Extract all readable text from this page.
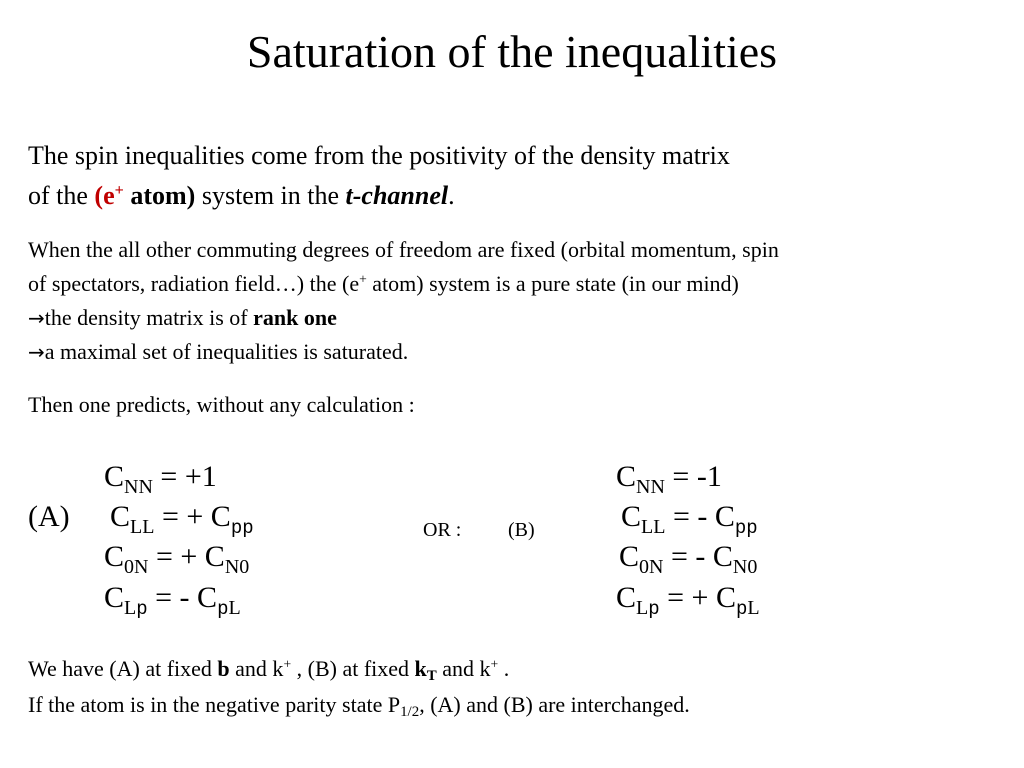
Saturation of the inequalities
The spin inequalities come from the positivity of the density matrix
of the (e+ atom) system in the t-channel.
When the all other commuting degrees of freedom are fixed (orbital momentum, spin
of spectators, radiation field…) the (e+ atom) system is a pure state (in our mind)
→the density matrix is of rank one
→a maximal set of inequalities is saturated.
Then one predicts, without any calculation :
$C_{NN} = +1$
(A) $C_{LL}$ = + $C_{pp}$
$C_{0N}$ = + $C_{N0}$
$C_{Lp}$ = - $C_{pL}$
OR : (B)
$C_{NN} = -1$
$C_{LL}$ = - $C_{pp}$
$C_{0N}$ = - $C_{N0}$
$C_{Lp}$ = + $C_{pL}$
We have (A) at fixed b and k+ , (B) at fixed $k_T$ and k+ .
If the atom is in the negative parity state $P_{1/2}$, (A) and (B) are interchanged.
